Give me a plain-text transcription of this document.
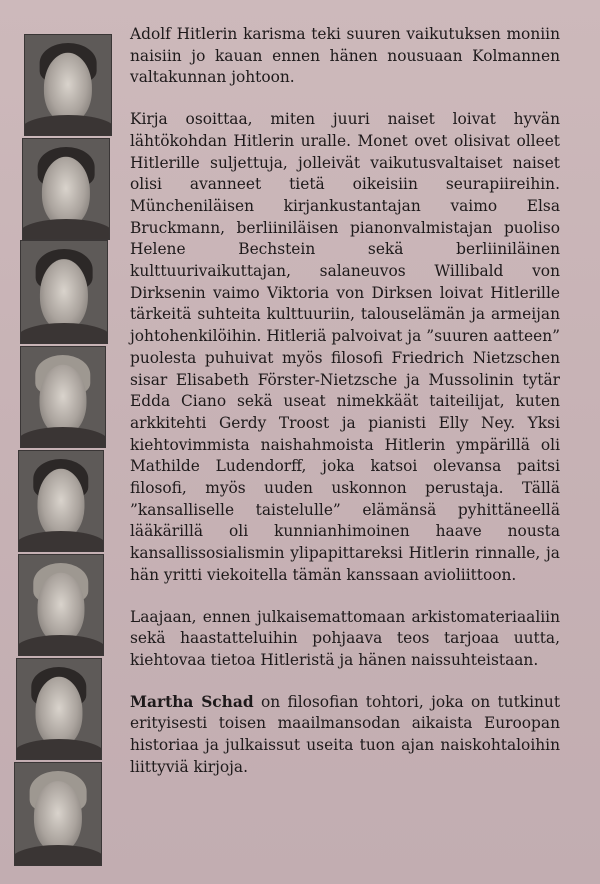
Adolf Hitlerin karisma teki suuren vaikutuksen moniin naisiin jo kauan ennen hänen nousuaan Kolmannen valtakunnan johtoon.

Kirja osoittaa, miten juuri naiset loivat hyvän lähtökohdan Hitlerin uralle. Monet ovet olisivat olleet Hitlerille suljettuja, jolleivät vaikutusvaltaiset naiset olisi avanneet tietä oikeisiin seurapiireihin. Müncheniläisen kirjankustantajan vaimo Elsa Bruckmann, berliiniläisen pianonvalmistajan puoliso Helene Bechstein sekä berliiniläinen kulttuurivaikuttajan, salaneuvos Willibald von Dirksenin vaimo Viktoria von Dirksen loivat Hitlerille tärkeitä suhteita kulttuuriin, talouselämän ja armeijan johtohenkilöihin. Hitleriä palvoivat ja ”suuren aatteen” puolesta puhuivat myös filosofi Friedrich Nietzschen sisar Elisabeth Förster-Nietzsche ja Mussolinin tytär Edda Ciano sekä useat nimekkäät taiteilijat, kuten arkkitehti Gerdy Troost ja pianisti Elly Ney. Yksi kiehtovimmista naishahmoista Hitlerin ympärillä oli Mathilde Ludendorff, joka katsoi olevansa paitsi filosofi, myös uuden uskonnon perustaja. Tällä ”kansalliselle taistelulle” elämänsä pyhittäneellä lääkärillä oli kunnianhimoinen haave nousta kansallissosialismin ylipapittareksi Hitlerin rinnalle, ja hän yritti viekoitella tämän kanssaan avioliittoon.

Laajaan, ennen julkaisemattomaan arkistomateriaaliin sekä haastatteluihin pohjaava teos tarjoaa uutta, kiehtovaa tietoa Hitleristä ja hänen naissuhteistaan.

Martha Schad on filosofian tohtori, joka on tutkinut erityisesti toisen maailmansodan aikaista Euroopan historiaa ja julkaissut useita tuon ajan naiskohtaloihin liittyviä kirjoja.
